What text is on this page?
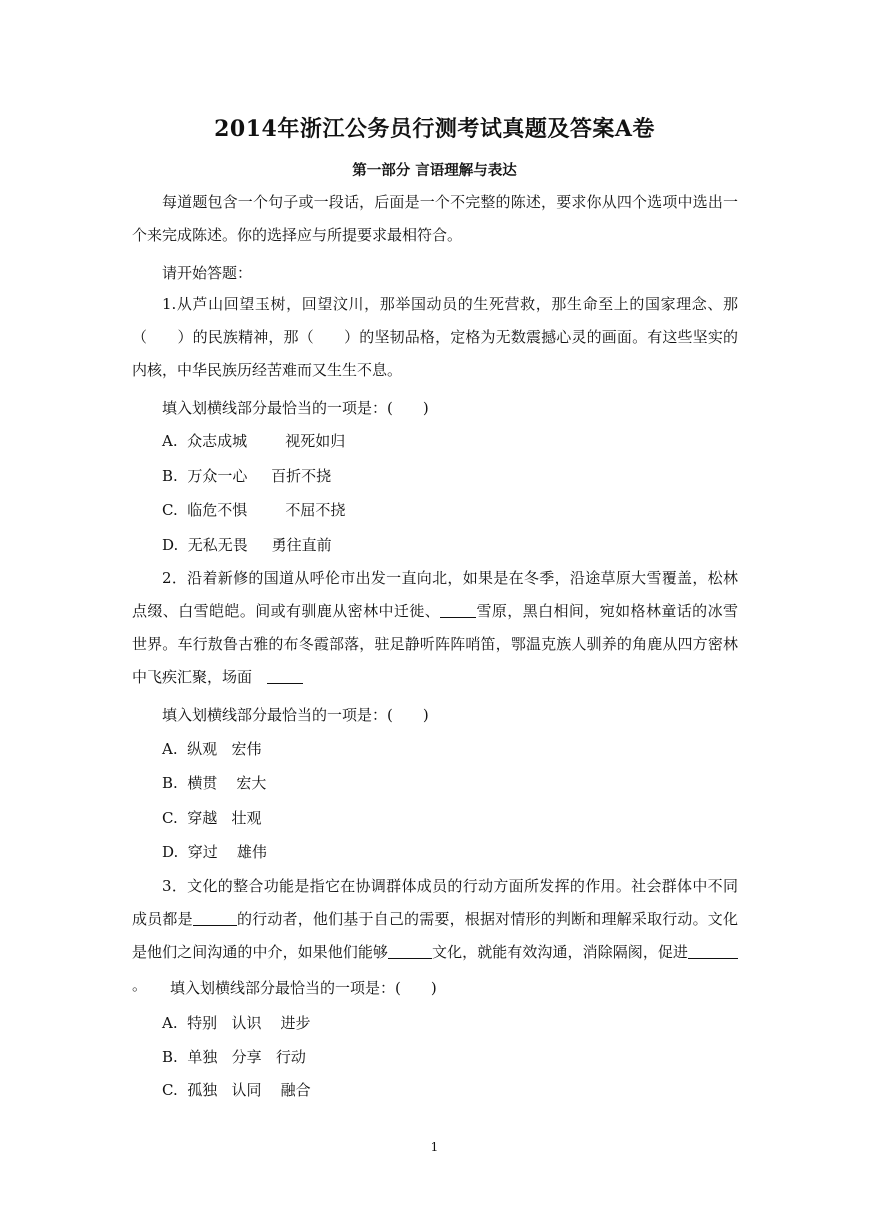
2014年浙江公务员行测考试真题及答案A卷
第一部分 言语理解与表达

每道题包含一个句子或一段话，后面是一个不完整的陈述，要求你从四个选项中选出一个来完成陈述。你的选择应与所提要求最相符合。

请开始答题：

1.从芦山回望玉树，回望汶川，那举国动员的生死营救，那生命至上的国家理念、那（　　）的民族精神，那（　　）的坚韧品格，定格为无数震撼心灵的画面。有这些坚实的内核，中华民族历经苦难而又生生不息。

填入划横线部分最恰当的一项是：(　　)
A.  众志成城        视死如归
B.  万众一心     百折不挠
C.  临危不惧        不屈不挠
D.  无私无畏     勇往直前

2．沿着新修的国道从呼伦市出发一直向北，如果是在冬季，沿途草原大雪覆盖，松林点缀、白雪皑皑。间或有驯鹿从密林中迁徙、 雪原，黑白相间，宛如格林童话的冰雪世界。车行敖鲁古雅的布冬霞部落，驻足静听阵阵哨笛，鄂温克族人驯养的角鹿从四方密林中飞疾汇聚，场面　

填入划横线部分最恰当的一项是：(　　)
A.  纵观   宏伟
B.  横贯    宏大
C.  穿越   壮观
D.  穿过    雄伟

3．文化的整合功能是指它在协调群体成员的行动方面所发挥的作用。社会群体中不同成员都是	的行动者，他们基于自己的需要，根据对情形的判断和理解采取行动。文化是他们之间沟通的中介，如果他们能够	文化，就能有效沟通，消除隔阂，促进。	填入划横线部分最恰当的一项是：(　　)
A.  特别   认识    进步
B.  单独   分享   行动
C.  孤独   认同    融合
1
